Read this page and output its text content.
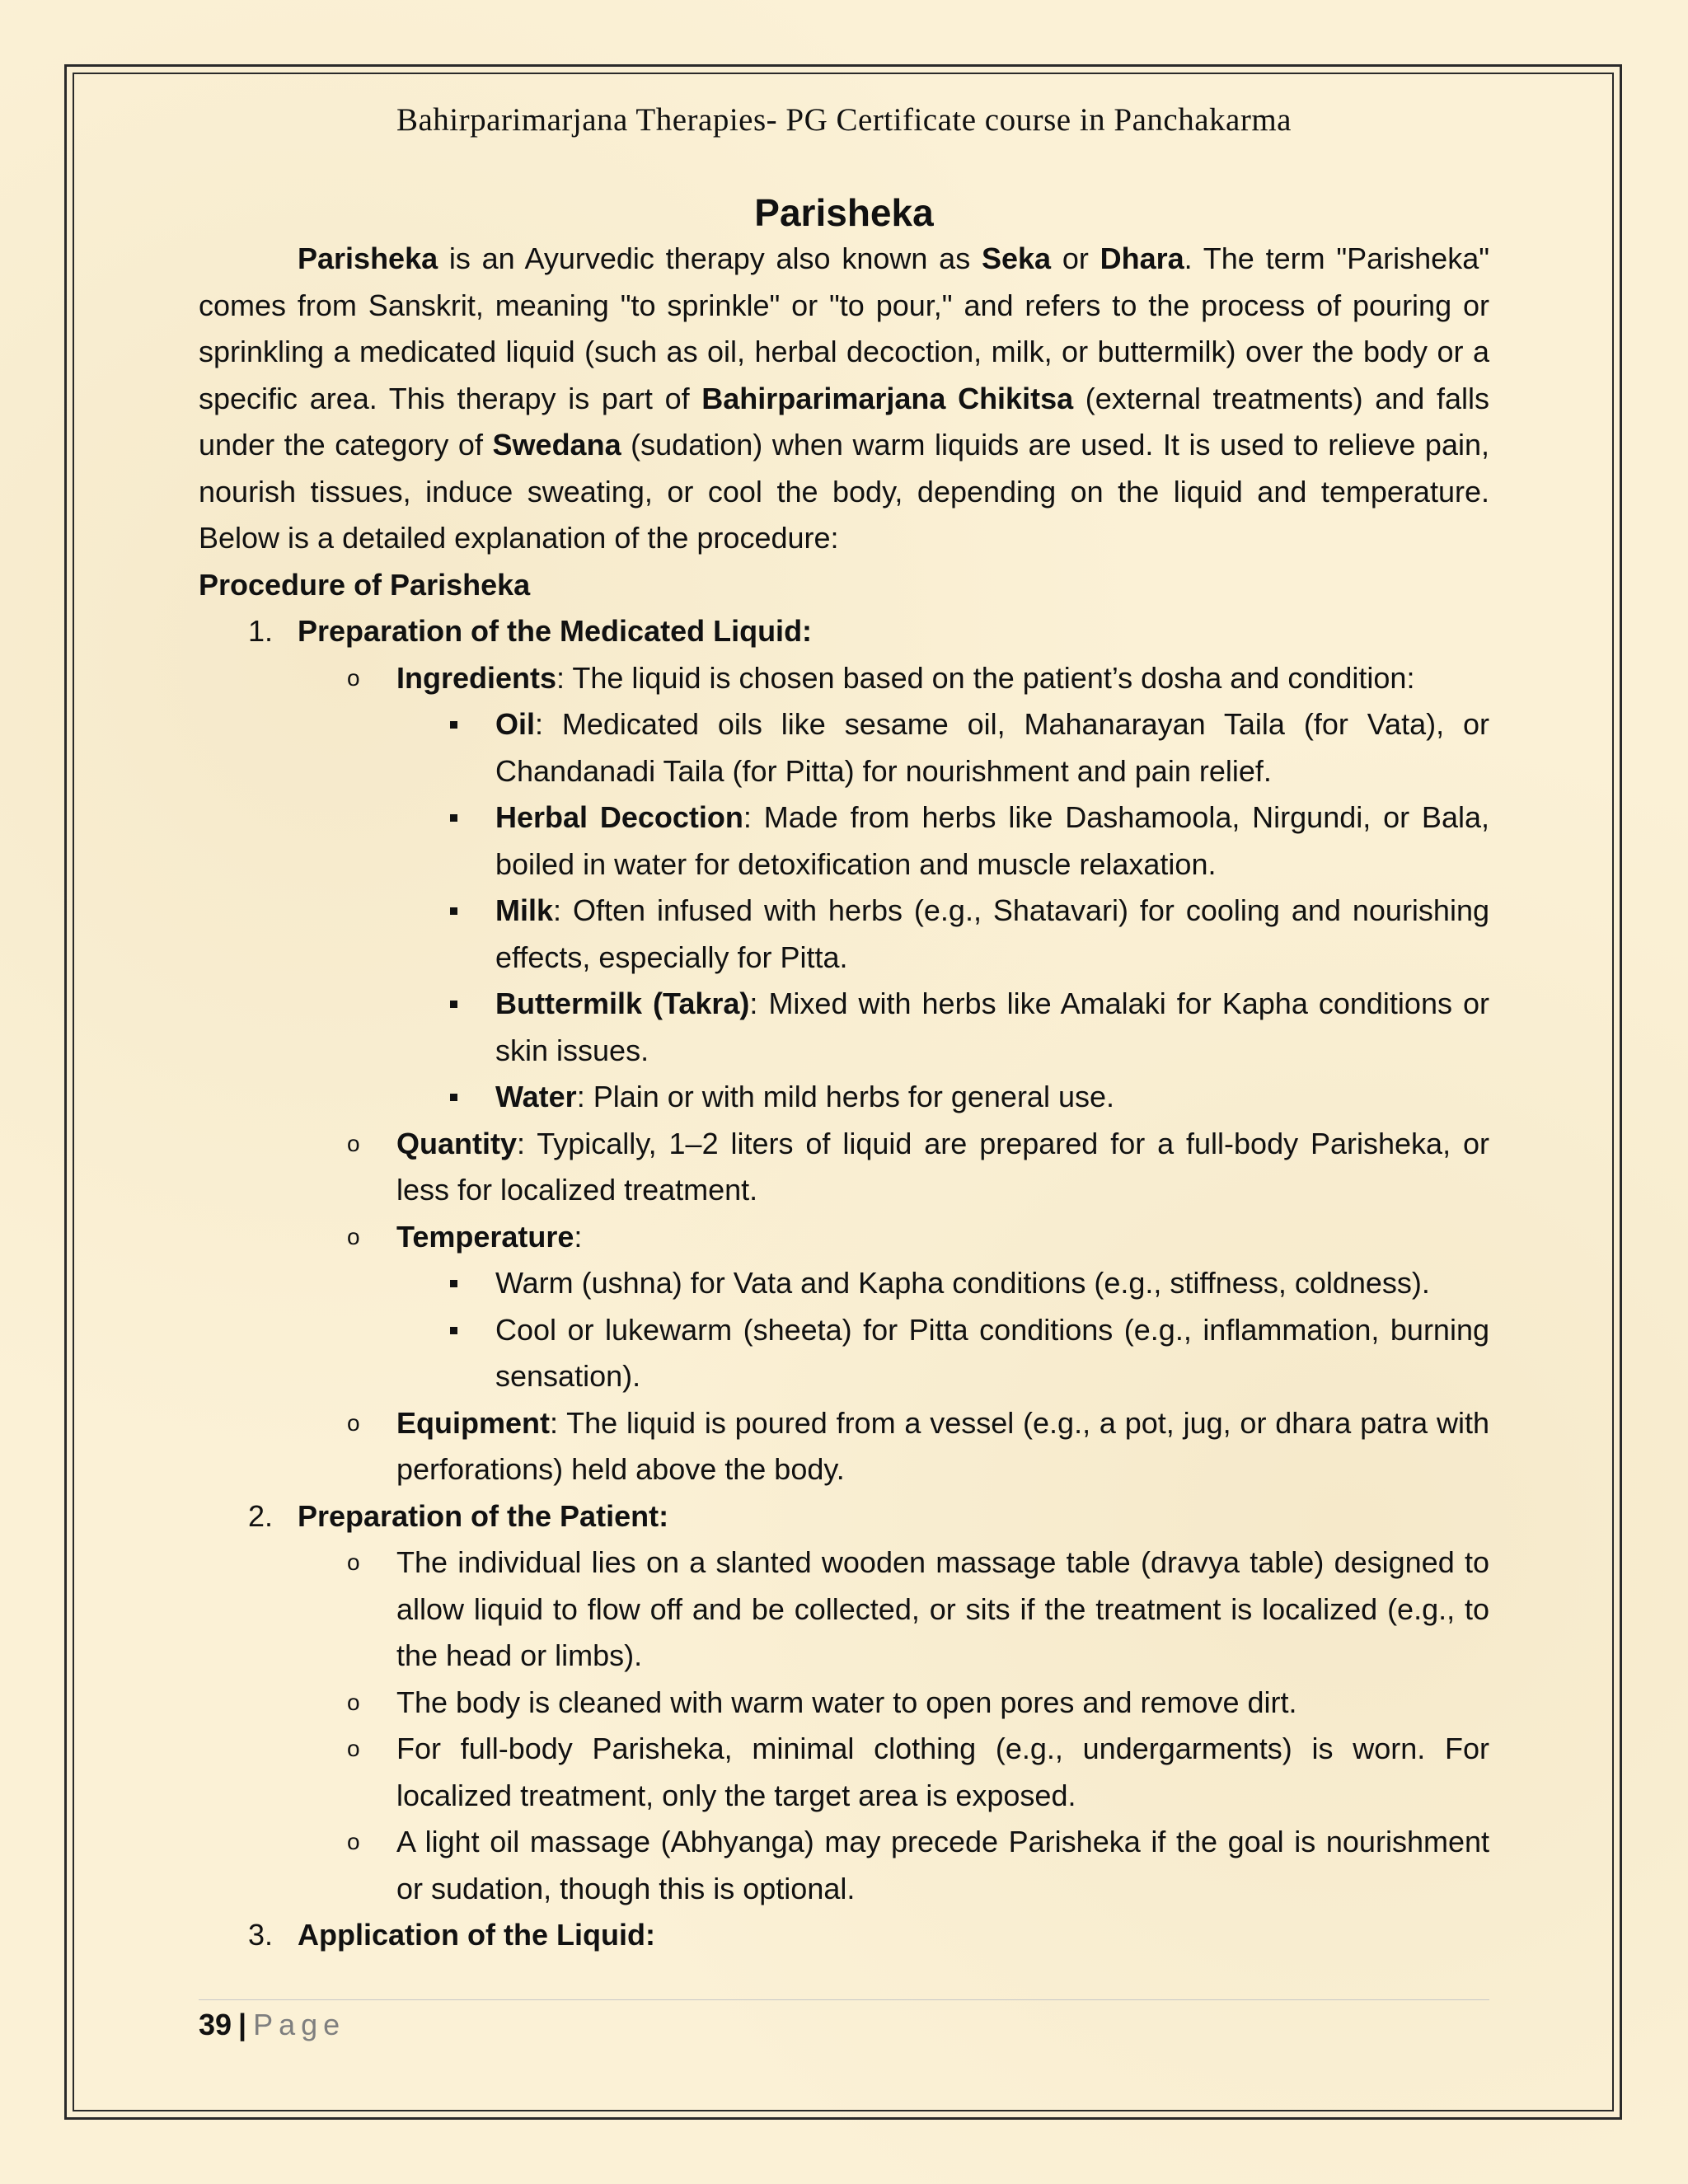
Bahirparimarjana Therapies- PG Certificate course in Panchakarma
Parisheka

Parisheka is an Ayurvedic therapy also known as Seka or Dhara. The term "Parisheka" comes from Sanskrit, meaning "to sprinkle" or "to pour," and refers to the process of pouring or sprinkling a medicated liquid (such as oil, herbal decoction, milk, or buttermilk) over the body or a specific area. This therapy is part of Bahirparimarjana Chikitsa (external treatments) and falls under the category of Swedana (sudation) when warm liquids are used. It is used to relieve pain, nourish tissues, induce sweating, or cool the body, depending on the liquid and temperature. Below is a detailed explanation of the procedure:

Procedure of Parisheka
1. Preparation of the Medicated Liquid:
o Ingredients: The liquid is chosen based on the patient’s dosha and condition:
Oil: Medicated oils like sesame oil, Mahanarayan Taila (for Vata), or Chandanadi Taila (for Pitta) for nourishment and pain relief.
Herbal Decoction: Made from herbs like Dashamoola, Nirgundi, or Bala, boiled in water for detoxification and muscle relaxation.
Milk: Often infused with herbs (e.g., Shatavari) for cooling and nourishing effects, especially for Pitta.
Buttermilk (Takra): Mixed with herbs like Amalaki for Kapha conditions or skin issues.
Water: Plain or with mild herbs for general use.
o Quantity: Typically, 1–2 liters of liquid are prepared for a full-body Parisheka, or less for localized treatment.
o Temperature:
Warm (ushna) for Vata and Kapha conditions (e.g., stiffness, coldness).
Cool or lukewarm (sheeta) for Pitta conditions (e.g., inflammation, burning sensation).
o Equipment: The liquid is poured from a vessel (e.g., a pot, jug, or dhara patra with perforations) held above the body.
2. Preparation of the Patient:
o The individual lies on a slanted wooden massage table (dravya table) designed to allow liquid to flow off and be collected, or sits if the treatment is localized (e.g., to the head or limbs).
o The body is cleaned with warm water to open pores and remove dirt.
o For full-body Parisheka, minimal clothing (e.g., undergarments) is worn. For localized treatment, only the target area is exposed.
o A light oil massage (Abhyanga) may precede Parisheka if the goal is nourishment or sudation, though this is optional.
3. Application of the Liquid:
39 | Page
